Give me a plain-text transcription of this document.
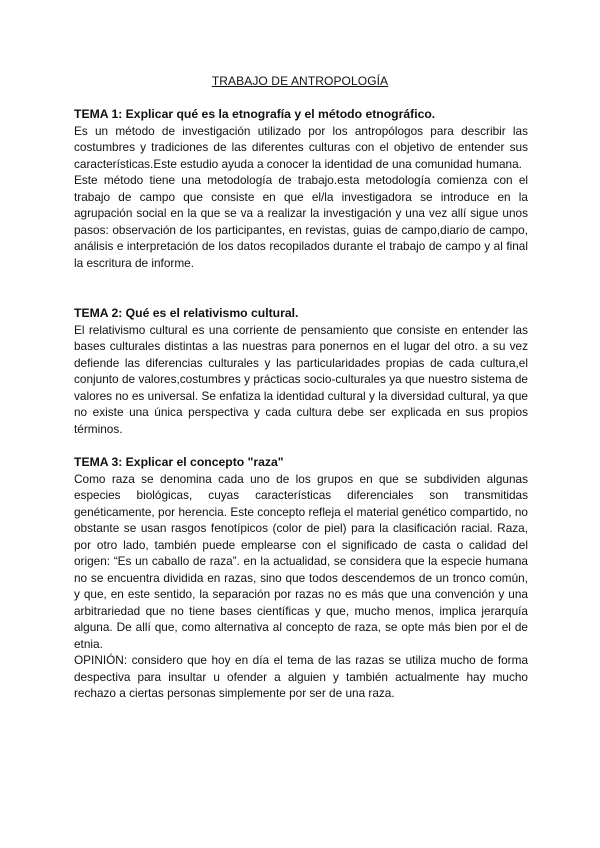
TRABAJO DE ANTROPOLOGÍA

TEMA 1: Explicar qué es la etnografía y el método etnográfico.

Es un método de investigación utilizado por los antropólogos para describir las costumbres y tradiciones de las diferentes culturas con el objetivo de entender sus características.Este estudio ayuda a conocer la identidad de una comunidad humana.

Este método tiene una metodología de trabajo.esta metodología comienza con el trabajo de campo que consiste en que el/la investigadora se introduce en la agrupación social en la que se va a realizar la investigación y una vez allí sigue unos pasos: observación de los participantes, en revistas, guias de campo,diario de campo, análisis e interpretación de los datos recopilados durante el trabajo de campo y al final la escritura de informe.

TEMA 2: Qué es el relativismo cultural.

El relativismo cultural es una corriente de pensamiento que consiste en entender las bases culturales distintas a las nuestras para ponernos en el lugar del otro. a su vez defiende las diferencias culturales y las particularidades propias de cada cultura,el conjunto de valores,costumbres y prácticas socio-culturales ya que nuestro sistema de valores no es universal. Se enfatiza la identidad cultural y la diversidad cultural, ya que no existe una única perspectiva y cada cultura debe ser explicada en sus propios términos.

TEMA 3: Explicar el concepto "raza"

Como raza se denomina cada uno de los grupos en que se subdividen algunas especies biológicas, cuyas características diferenciales son transmitidas genéticamente, por herencia. Este concepto refleja el material genético compartido, no obstante se usan rasgos fenotípicos (color de piel) para la clasificación racial. Raza, por otro lado, también puede emplearse con el significado de casta o calidad del origen: “Es un caballo de raza”. en la actualidad, se considera que la especie humana no se encuentra dividida en razas, sino que todos descendemos de un tronco común, y que, en este sentido, la separación por razas no es más que una convención y una arbitrariedad que no tiene bases científicas y que, mucho menos, implica jerarquía alguna. De allí que, como alternativa al concepto de raza, se opte más bien por el de etnia.

OPINIÓN: considero que hoy en día el tema de las razas se utiliza mucho de forma despectiva para insultar u ofender a alguien y también actualmente hay mucho rechazo a ciertas personas simplemente por ser de una raza.
